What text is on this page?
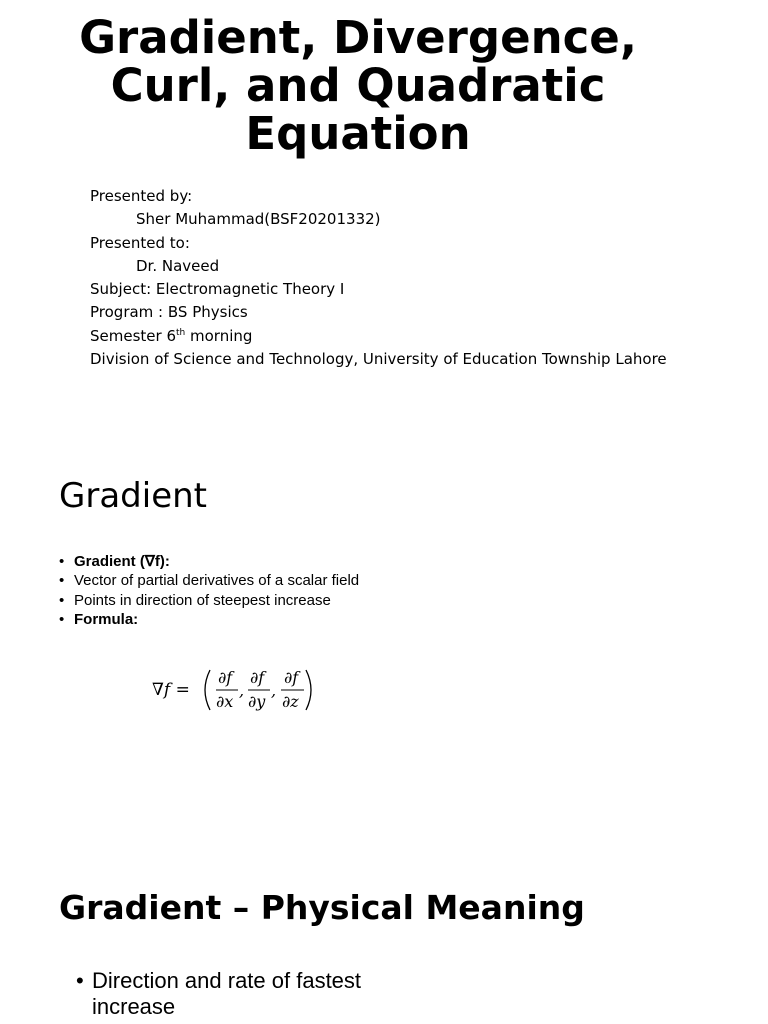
Gradient, Divergence, Curl, and Quadratic Equation
Presented by:
Sher Muhammad(BSF20201332)
Presented to:
Dr. Naveed
Subject: Electromagnetic Theory I
Program : BS Physics
Semester 6th morning
Division of Science and Technology, University of Education Township Lahore
Gradient
• Gradient (∇f):
• Vector of partial derivatives of a scalar field
• Points in direction of steepest increase
• Formula:
∇f =
∂f
∂x
,
∂f
∂y
,
∂f
∂z
Gradient – Physical Meaning
• Direction and rate of fastest increase
